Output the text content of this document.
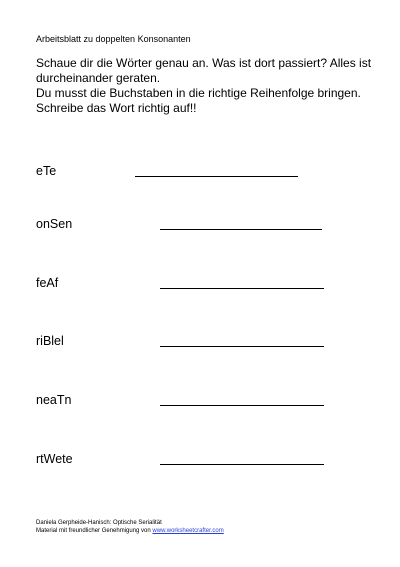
Arbeitsblatt zu doppelten Konsonanten

Schaue dir die Wörter genau an. Was ist dort passiert? Alles ist durcheinander geraten.

Du musst die Buchstaben in die richtige Reihenfolge bringen.

Schreibe das Wort richtig auf!!

eTe
onSen
feAf
riBlel
neaTn
rtWete
Daniela Gerpheide-Hanisch: Optische Serialität
Material mit freundlicher Genehmigung von www.worksheetcrafter.com
